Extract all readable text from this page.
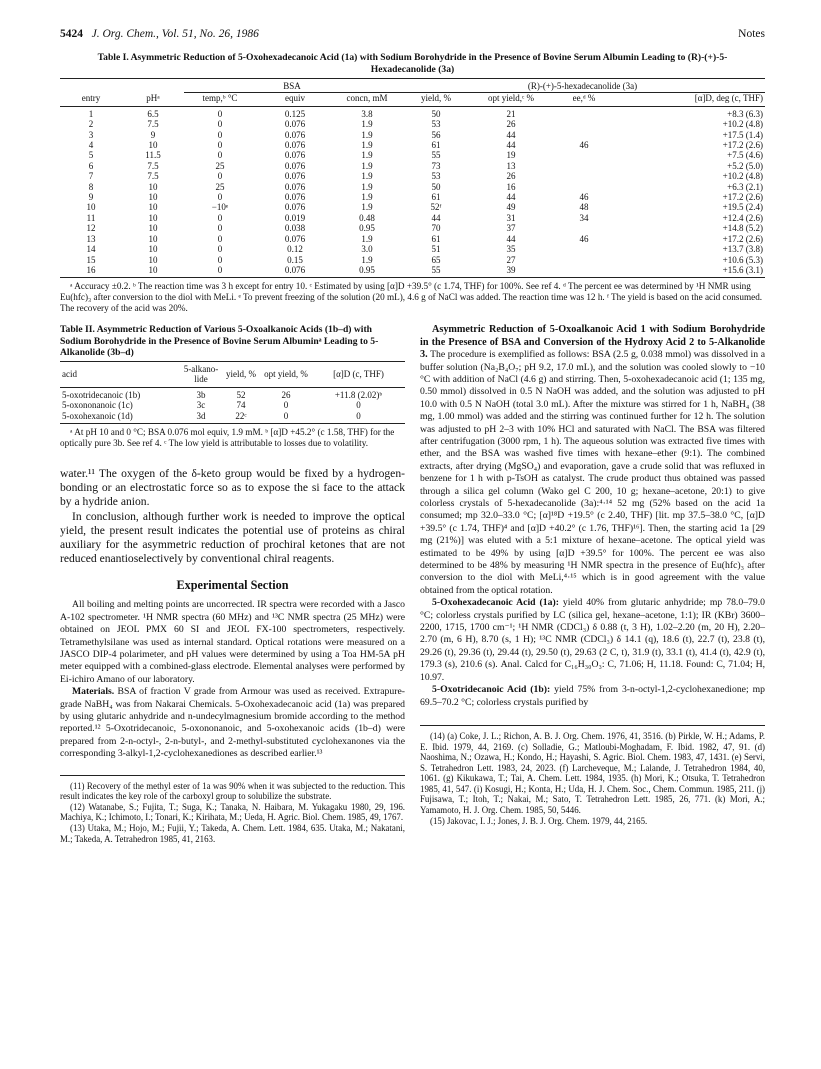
5424 J. Org. Chem., Vol. 51, No. 26, 1986	Notes
Table I. Asymmetric Reduction of 5-Oxohexadecanoic Acid (1a) with Sodium Borohydride in the Presence of Bovine Serum Albumin Leading to (R)-(+)-5-Hexadecanolide (3a)
		BSA			(R)-(+)-5-hexadecanolide (3a)			
entry	pHᵃ	temp,ᵇ °C	equiv	concn, mM	yield, %	opt yield,ᶜ %	ee,ᵈ %	[α]D, deg (c, THF)
1	6.5	0	0.125	3.8	50	21		+8.3 (6.3)
2	7.5	0	0.076	1.9	53	26		+10.2 (4.8)
3	9	0	0.076	1.9	56	44		+17.5 (1.4)
4	10	0	0.076	1.9	61	44	46	+17.2 (2.6)
5	11.5	0	0.076	1.9	55	19		+7.5 (4.6)
6	7.5	25	0.076	1.9	73	13		+5.2 (5.0)
7	7.5	0	0.076	1.9	53	26		+10.2 (4.8)
8	10	25	0.076	1.9	50	16		+6.3 (2.1)
9	10	0	0.076	1.9	61	44	46	+17.2 (2.6)
10	10	−10ᵉ	0.076	1.9	52ᶠ	49	48	+19.5 (2.4)
11	10	0	0.019	0.48	44	31	34	+12.4 (2.6)
12	10	0	0.038	0.95	70	37		+14.8 (5.2)
13	10	0	0.076	1.9	61	44	46	+17.2 (2.6)
14	10	0	0.12	3.0	51	35		+13.7 (3.8)
15	10	0	0.15	1.9	65	27		+10.6 (5.3)
16	10	0	0.076	0.95	55	39		+15.6 (3.1)
ᵃ Accuracy ±0.2. ᵇ The reaction time was 3 h except for entry 10. ᶜ Estimated by using [α]D +39.5° (c 1.74, THF) for 100%. See ref 4. ᵈ The percent ee was determined by ¹H NMR using Eu(hfc)₃ after conversion to the diol with MeLi. ᵉ To prevent freezing of the solution (20 mL), 4.6 g of NaCl was added. The reaction time was 12 h. ᶠ The yield is based on the acid consumed. The recovery of the acid was 20%.
Table II. Asymmetric Reduction of Various 5-Oxoalkanoic Acids (1b–d) with Sodium Borohydride in the Presence of Bovine Serum Albuminᵃ Leading to 5-Alkanolide (3b–d)
acid	5-alkano- lide	yield, %	opt yield, %	[α]D (c, THF)
5-oxotridecanoic (1b)	3b	52	26	+11.8 (2.02)ᵇ
5-oxononanoic (1c)	3c	74	0	0
5-oxohexanoic (1d)	3d	22ᶜ	0	0
ᵃ At pH 10 and 0 °C; BSA 0.076 mol equiv, 1.9 mM. ᵇ [α]D +45.2° (c 1.58, THF) for the optically pure 3b. See ref 4. ᶜ The low yield is attributable to losses due to volatility.

water.¹¹ The oxygen of the δ-keto group would be fixed by a hydrogen-bonding or an electrostatic force so as to expose the si face to the attack by a hydride anion.

In conclusion, although further work is needed to improve the optical yield, the present result indicates the potential use of proteins as chiral auxiliary for the asymmetric reduction of prochiral ketones that are not reduced enantioselectively by conventional chiral reagents.

Experimental Section

All boiling and melting points are uncorrected. IR spectra were recorded with a Jasco A-102 spectrometer. ¹H NMR spectra (60 MHz) and ¹³C NMR spectra (25 MHz) were obtained on JEOL PMX 60 SI and JEOL FX-100 spectrometers, respectively. Tetramethylsilane was used as internal standard. Optical rotations were measured on a JASCO DIP-4 polarimeter, and pH values were determined by using a Toa HM-5A pH meter equipped with a combined-glass electrode. Elemental analyses were performed by Ei-ichiro Amano of our laboratory.

Materials. BSA of fraction V grade from Armour was used as received. Extrapure-grade NaBH₄ was from Nakarai Chemicals. 5-Oxohexadecanoic acid (1a) was prepared by using glutaric anhydride and n-undecylmagnesium bromide according to the method reported.¹² 5-Oxotridecanoic, 5-oxononanoic, and 5-oxohexanoic acids (1b–d) were prepared from 2-n-octyl-, 2-n-butyl-, and 2-methyl-substituted cyclohexanones via the corresponding 3-alkyl-1,2-cyclohexanediones as described earlier.¹³

(11) Recovery of the methyl ester of 1a was 90% when it was subjected to the reduction. This result indicates the key role of the carboxyl group to solubilize the substrate.

(12) Watanabe, S.; Fujita, T.; Suga, K.; Tanaka, N. Haibara, M. Yukagaku 1980, 29, 196. Machiya, K.; Ichimoto, I.; Tonari, K.; Kirihata, M.; Ueda, H. Agric. Biol. Chem. 1985, 49, 1767.

(13) Utaka, M.; Hojo, M.; Fujii, Y.; Takeda, A. Chem. Lett. 1984, 635. Utaka, M.; Nakatani, M.; Takeda, A. Tetrahedron 1985, 41, 2163.

Asymmetric Reduction of 5-Oxoalkanoic Acid 1 with Sodium Borohydride in the Presence of BSA and Conversion of the Hydroxy Acid 2 to 5-Alkanolide 3. The procedure is exemplified as follows: BSA (2.5 g, 0.038 mmol) was dissolved in a buffer solution (Na₂B₄O₇; pH 9.2, 17.0 mL), and the solution was cooled slowly to −10 °C with addition of NaCl (4.6 g) and stirring. Then, 5-oxohexadecanoic acid (1; 135 mg, 0.50 mmol) dissolved in 0.5 N NaOH was added, and the solution was adjusted to pH 10.0 with 0.5 N NaOH (total 3.0 mL). After the mixture was stirred for 1 h, NaBH₄ (38 mg, 1.00 mmol) was added and the stirring was continued further for 12 h. The solution was adjusted to pH 2–3 with 10% HCl and saturated with NaCl. The BSA was filtered after centrifugation (3000 rpm, 1 h). The aqueous solution was extracted five times with ether, and the BSA was washed five times with hexane–ether (9:1). The combined extracts, after drying (MgSO₄) and evaporation, gave a crude solid that was refluxed in benzene for 1 h with p-TsOH as catalyst. The crude product thus obtained was passed through a silica gel column (Wako gel C 200, 10 g; hexane–acetone, 20:1) to give colorless crystals of 5-hexadecanolide (3a):⁴·¹⁴ 52 mg (52% based on the acid 1a consumed; mp 32.0–33.0 °C; [α]¹⁸D +19.5° (c 2.40, THF) [lit. mp 37.5–38.0 °C, [α]D +39.5° (c 1.74, THF)⁴ and [α]D +40.2° (c 1.76, THF)¹⁶]. Then, the starting acid 1a [29 mg (21%)] was eluted with a 5:1 mixture of hexane–acetone. The optical yield was estimated to be 49% by using [α]D +39.5° for 100%. The percent ee was also determined to be 48% by measuring ¹H NMR spectra in the presence of Eu(hfc)₃ after conversion to the diol with MeLi,⁴·¹⁵ which is in good agreement with the value obtained from the optical rotation.

5-Oxohexadecanoic Acid (1a): yield 40% from glutaric anhydride; mp 78.0–79.0 °C; colorless crystals purified by LC (silica gel, hexane–acetone, 1:1); IR (KBr) 3600–2200, 1715, 1700 cm⁻¹; ¹H NMR (CDCl₃) δ 0.88 (t, 3 H), 1.02–2.20 (m, 20 H), 2.20–2.70 (m, 6 H), 8.70 (s, 1 H); ¹³C NMR (CDCl₃) δ 14.1 (q), 18.6 (t), 22.7 (t), 23.8 (t), 29.26 (t), 29.36 (t), 29.44 (t), 29.50 (t), 29.63 (2 C, t), 31.9 (t), 33.1 (t), 41.4 (t), 42.9 (t), 179.3 (s), 210.6 (s). Anal. Calcd for C₁₆H₃₀O₃: C, 71.06; H, 11.18. Found: C, 71.04; H, 10.97.

5-Oxotridecanoic Acid (1b): yield 75% from 3-n-octyl-1,2-cyclohexanedione; mp 69.5–70.2 °C; colorless crystals purified by

(14) (a) Coke, J. L.; Richon, A. B. J. Org. Chem. 1976, 41, 3516. (b) Pirkle, W. H.; Adams, P. E. Ibid. 1979, 44, 2169. (c) Solladie, G.; Matloubi-Moghadam, F. Ibid. 1982, 47, 91. (d) Naoshima, N.; Ozawa, H.; Kondo, H.; Hayashi, S. Agric. Biol. Chem. 1983, 47, 1431. (e) Servi, S. Tetrahedron Lett. 1983, 24, 2023. (f) Larcheveque, M.; Lalande, J. Tetrahedron 1984, 40, 1061. (g) Kikukawa, T.; Tai, A. Chem. Lett. 1984, 1935. (h) Mori, K.; Otsuka, T. Tetrahedron 1985, 41, 547. (i) Kosugi, H.; Konta, H.; Uda, H. J. Chem. Soc., Chem. Commun. 1985, 211. (j) Fujisawa, T.; Itoh, T.; Nakai, M.; Sato, T. Tetrahedron Lett. 1985, 26, 771. (k) Mori, A.; Yamamoto, H. J. Org. Chem. 1985, 50, 5446.

(15) Jakovac, I. J.; Jones, J. B. J. Org. Chem. 1979, 44, 2165.
